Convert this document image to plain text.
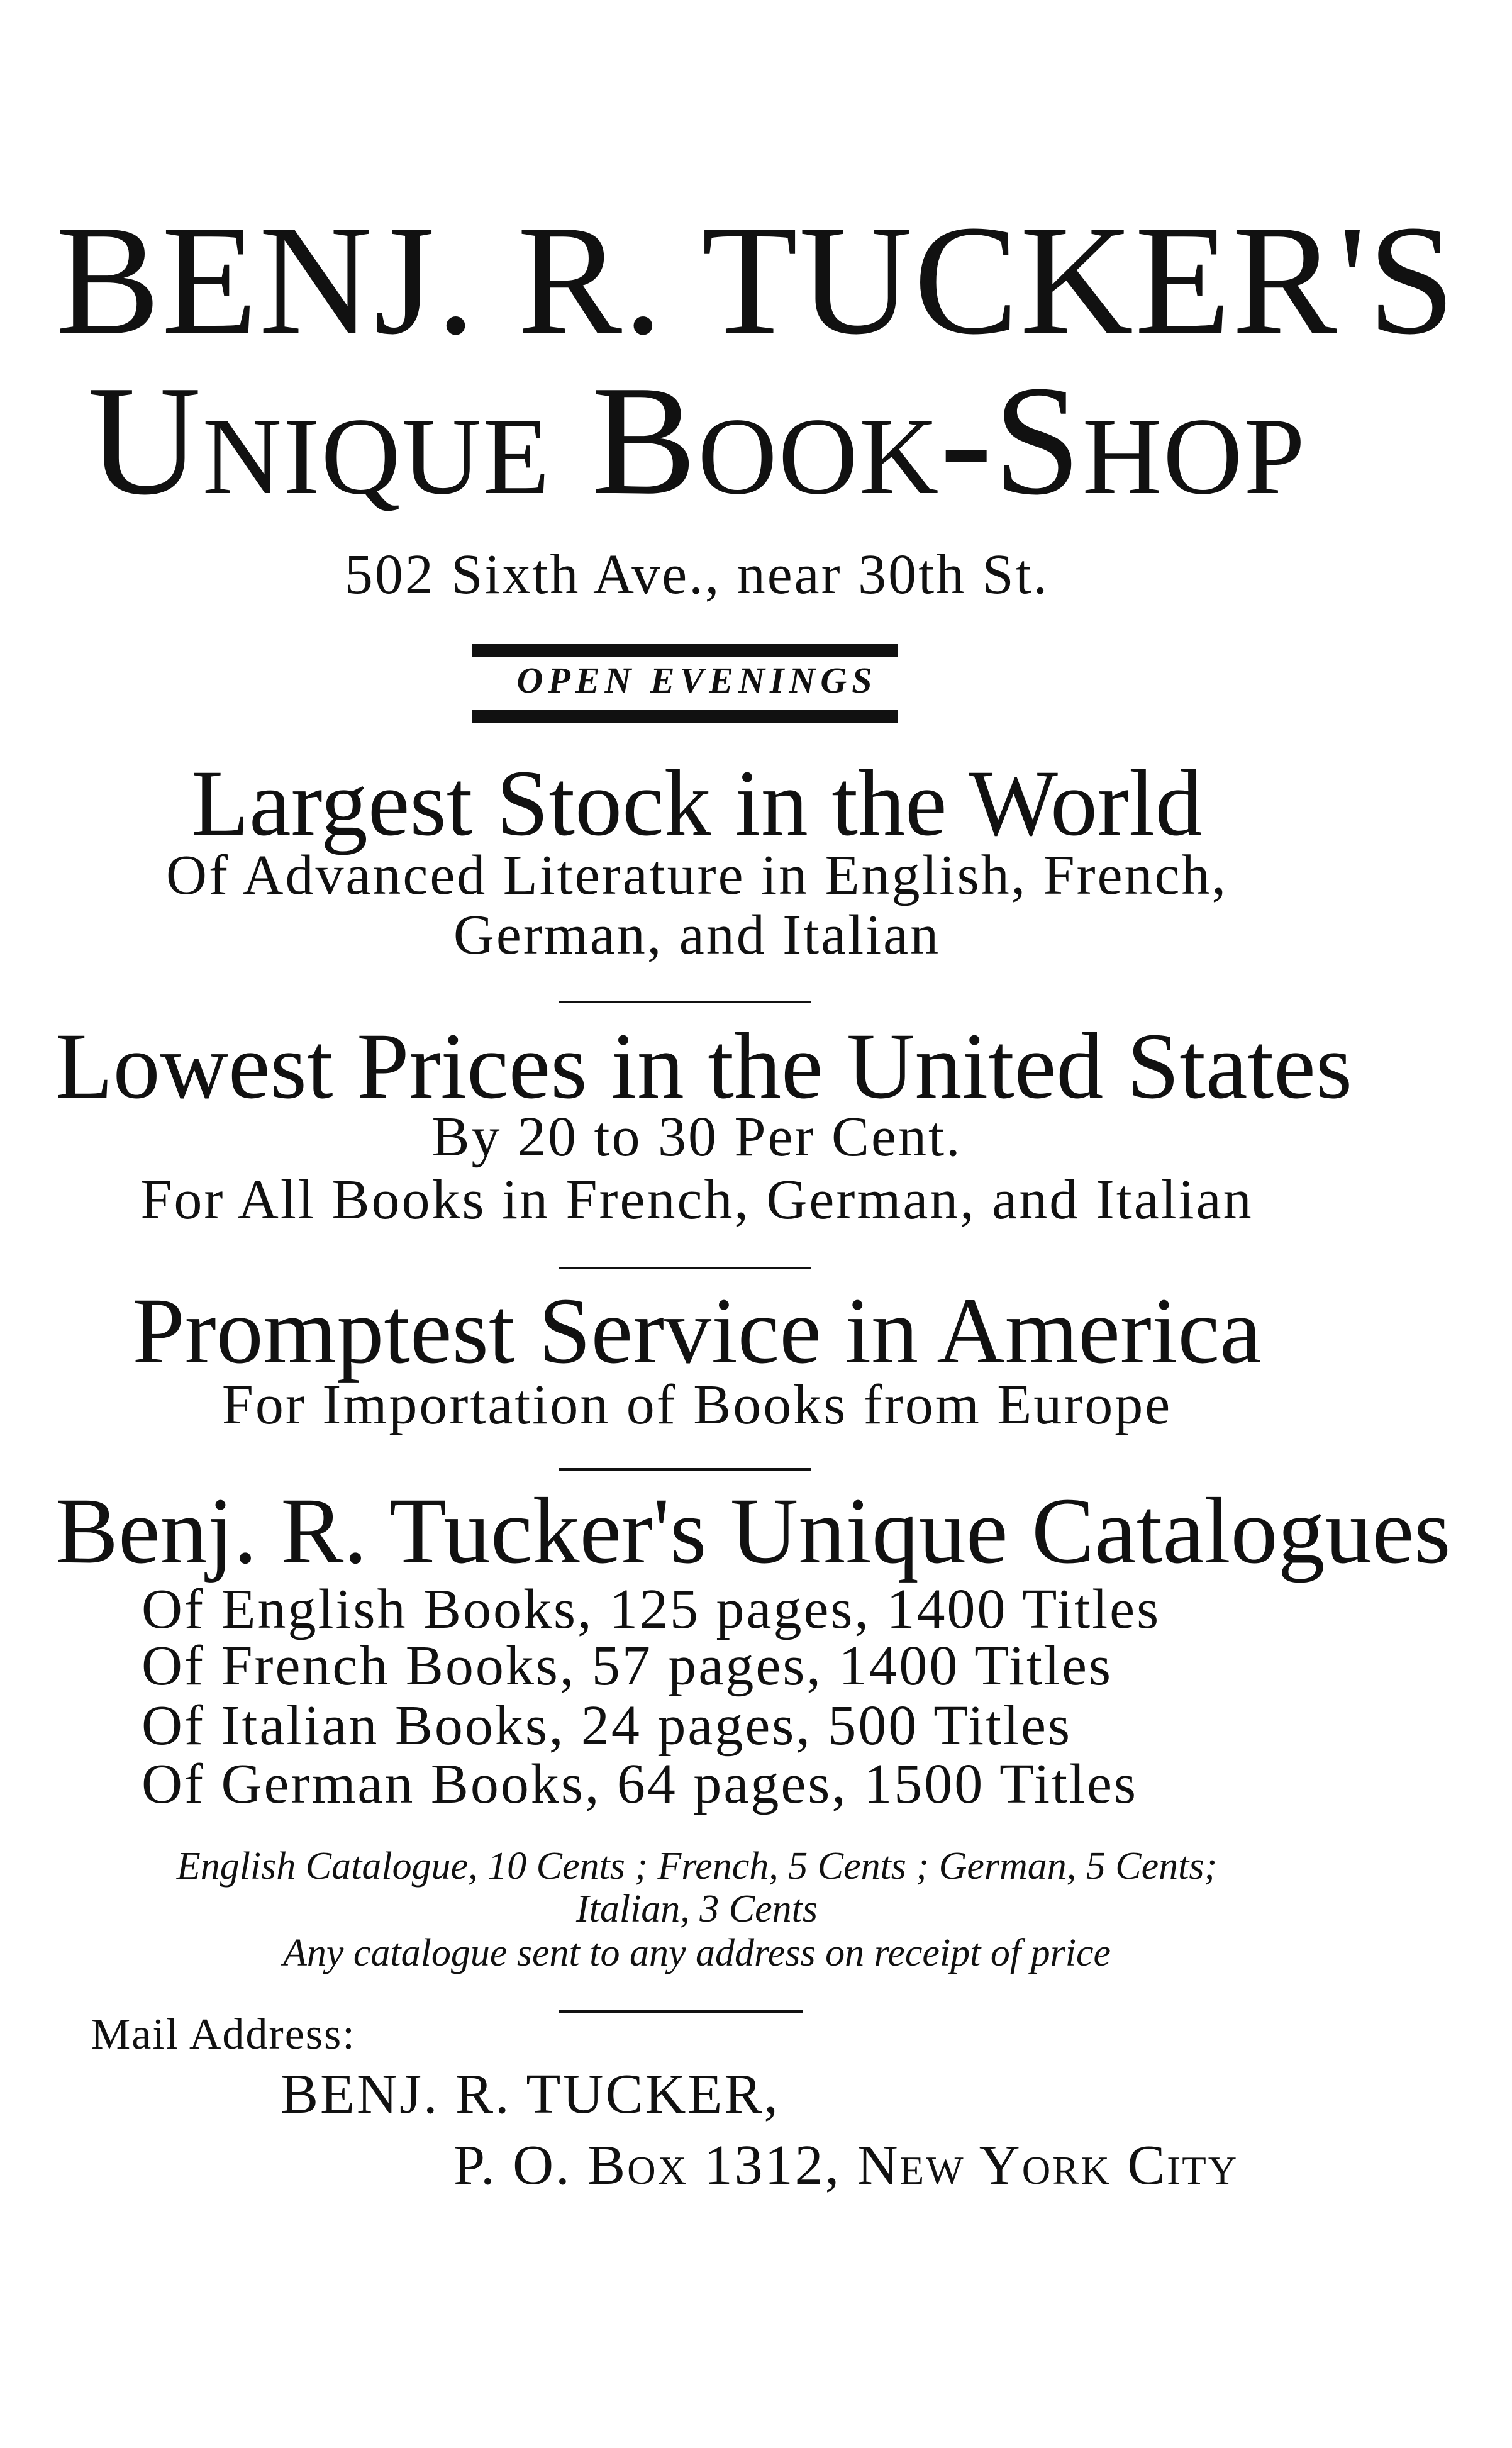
BENJ. R. TUCKER'S
Unique Book-Shop
502 Sixth Ave., near 30th St.
OPEN EVENINGS
Largest Stock in the World
Of Advanced Literature in English, French,
German, and Italian
Lowest Prices in the United States
By 20 to 30 Per Cent.
For All Books in French, German, and Italian
Promptest Service in America
For Importation of Books from Europe
Benj. R. Tucker's Unique Catalogues
Of English Books, 125 pages, 1400 Titles
Of French Books, 57 pages, 1400 Titles
Of Italian Books, 24 pages, 500 Titles
Of German Books, 64 pages, 1500 Titles
English Catalogue, 10 Cents ; French, 5 Cents ; German, 5 Cents;
Italian, 3 Cents
Any catalogue sent to any address on receipt of price
Mail Address:
BENJ. R. TUCKER,
P. O. Box 1312, New York City
